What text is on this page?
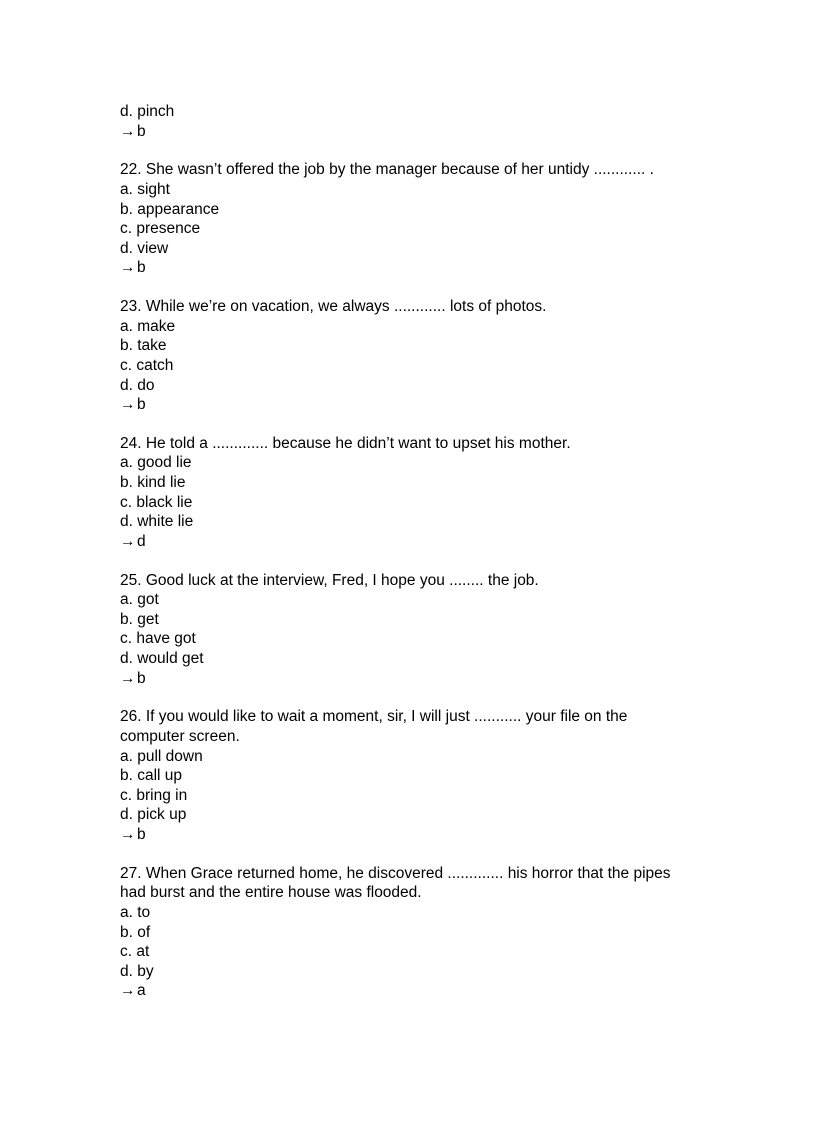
d. pinch
→ b
22. She wasn’t offered the job by the manager because of her untidy ............ .
a. sight
b. appearance
c. presence
d. view
→ b
23. While we’re on vacation, we always ............ lots of photos.
a. make
b. take
c. catch
d. do
→ b
24. He told a ............. because he didn’t want to upset his mother.
a. good lie
b. kind lie
c. black lie
d. white lie
→ d
25. Good luck at the interview, Fred, I hope you ........ the job.
a. got
b. get
c. have got
d. would get
→ b
26. If you would like to wait a moment, sir, I will just ........... your file on the computer screen.
a. pull down
b. call up
c. bring in
d. pick up
→ b
27. When Grace returned home, he discovered ............. his horror that the pipes had burst and the entire house was flooded.
a. to
b. of
c. at
d. by
→ a
